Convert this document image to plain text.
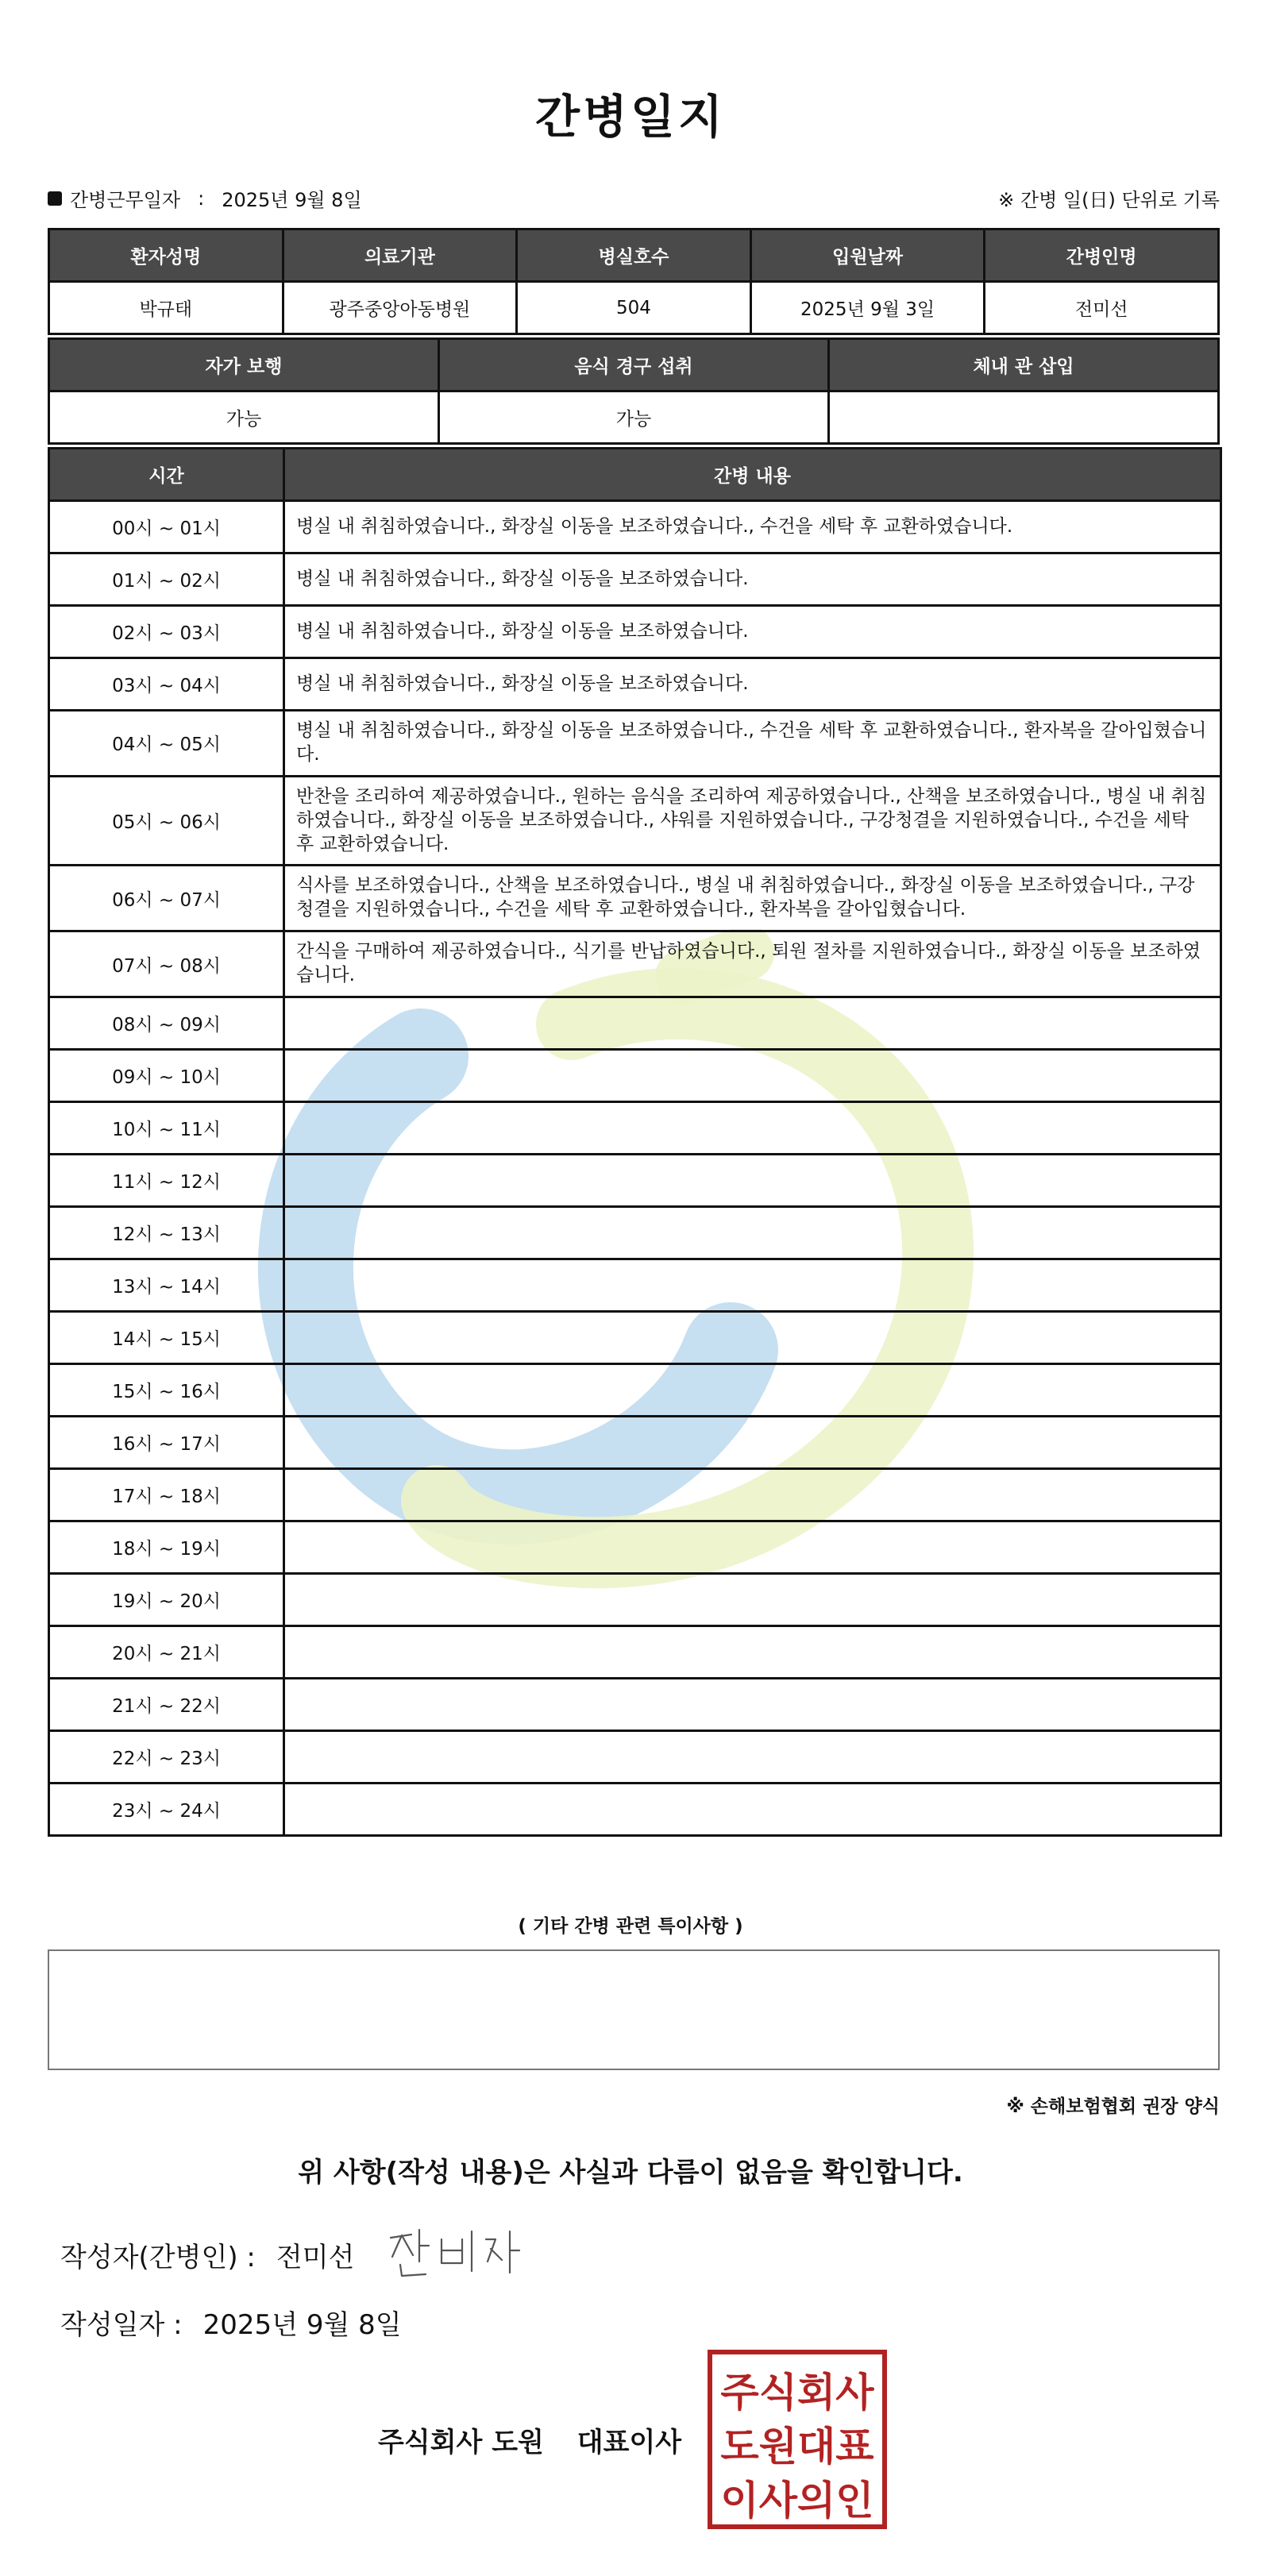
간병일지
간병근무일자 : 2025년 9월 8일	※ 간병 일(日) 단위로 기록
환자성명	의료기관	병실호수	입원날짜	간병인명
박규태	광주중앙아동병원	504	2025년 9월 3일	전미선
자가 보행	음식 경구 섭취	체내 관 삽입
가능	가능	
시간	간병 내용
00시 ~ 01시	병실 내 취침하였습니다., 화장실 이동을 보조하였습니다., 수건을 세탁 후 교환하였습니다.
01시 ~ 02시	병실 내 취침하였습니다., 화장실 이동을 보조하였습니다.
02시 ~ 03시	병실 내 취침하였습니다., 화장실 이동을 보조하였습니다.
03시 ~ 04시	병실 내 취침하였습니다., 화장실 이동을 보조하였습니다.
04시 ~ 05시	병실 내 취침하였습니다., 화장실 이동을 보조하였습니다., 수건을 세탁 후 교환하였습니다., 환자복을 갈아입혔습니다.
05시 ~ 06시	반찬을 조리하여 제공하였습니다., 원하는 음식을 조리하여 제공하였습니다., 산책을 보조하였습니다., 병실 내 취침하였습니다., 화장실 이동을 보조하였습니다., 샤워를 지원하였습니다., 구강청결을 지원하였습니다., 수건을 세탁 후 교환하였습니다.
06시 ~ 07시	식사를 보조하였습니다., 산책을 보조하였습니다., 병실 내 취침하였습니다., 화장실 이동을 보조하였습니다., 구강청결을 지원하였습니다., 수건을 세탁 후 교환하였습니다., 환자복을 갈아입혔습니다.
07시 ~ 08시	간식을 구매하여 제공하였습니다., 식기를 반납하였습니다., 퇴원 절차를 지원하였습니다., 화장실 이동을 보조하였습니다.
08시 ~ 09시	
09시 ~ 10시	
10시 ~ 11시	
11시 ~ 12시	
12시 ~ 13시	
13시 ~ 14시	
14시 ~ 15시	
15시 ~ 16시	
16시 ~ 17시	
17시 ~ 18시	
18시 ~ 19시	
19시 ~ 20시	
20시 ~ 21시	
21시 ~ 22시	
22시 ~ 23시	
23시 ~ 24시	
( 기타 간병 관련 특이사항 )
※ 손해보험협회 권장 양식
위 사항(작성 내용)은 사실과 다름이 없음을 확인합니다.
작성자(간병인) : 전미선
작성일자 : 2025년 9월 8일
주식회사 도원 대표이사
주식회사
도원대표
이사의인
